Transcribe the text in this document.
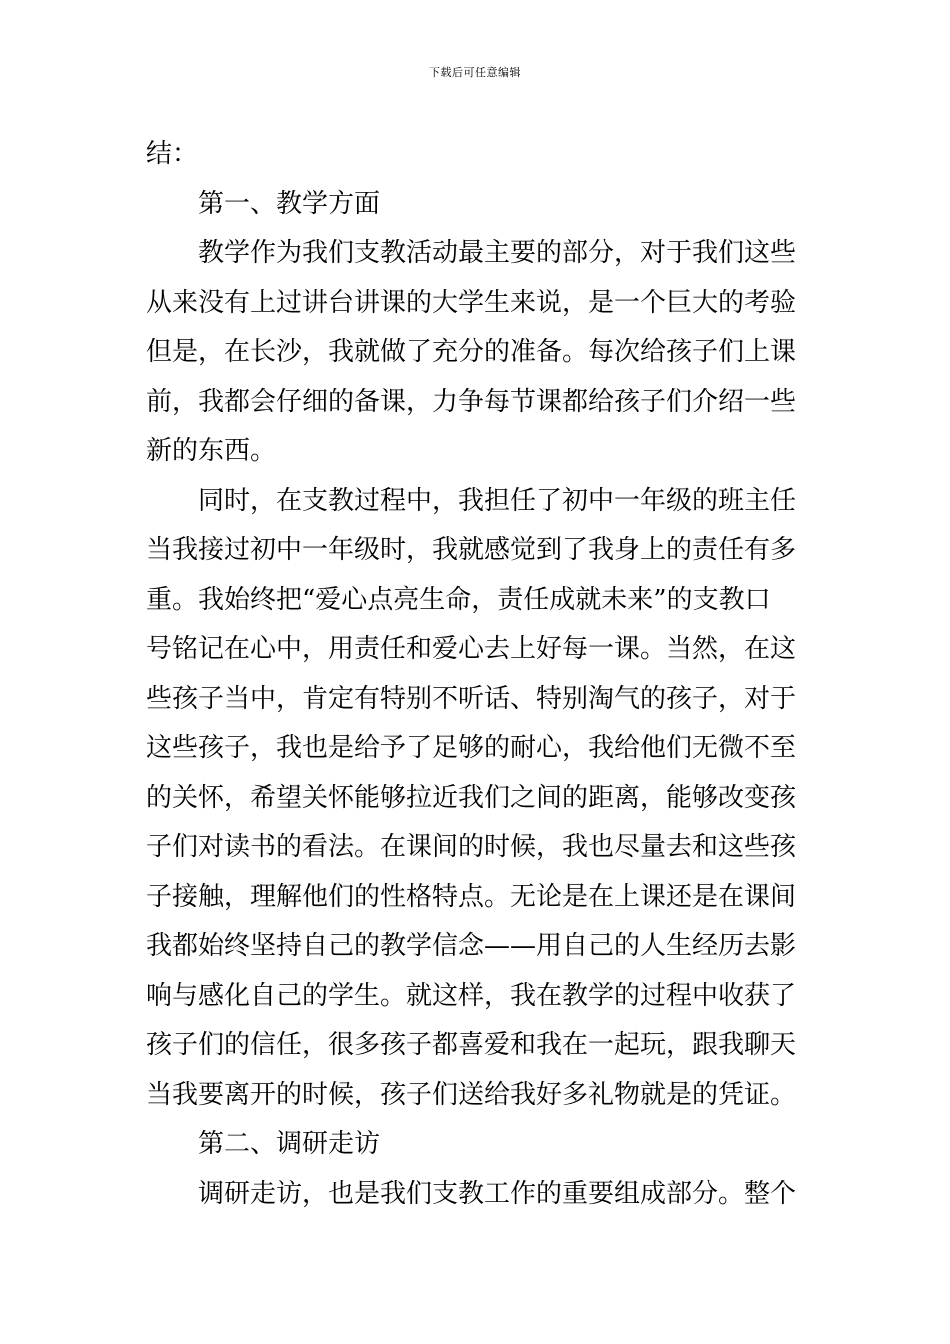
下载后可任意编辑
结：
第一、教学方面
教学作为我们支教活动最主要的部分，对于我们这些
从来没有上过讲台讲课的大学生来说，是一个巨大的考验
但是，在长沙，我就做了充分的准备。每次给孩子们上课
前，我都会仔细的备课，力争每节课都给孩子们介绍一些
新的东西。
同时，在支教过程中，我担任了初中一年级的班主任
当我接过初中一年级时，我就感觉到了我身上的责任有多
重。我始终把“爱心点亮生命，责任成就未来”的支教口
号铭记在心中，用责任和爱心去上好每一课。当然，在这
些孩子当中，肯定有特别不听话、特别淘气的孩子，对于
这些孩子，我也是给予了足够的耐心，我给他们无微不至
的关怀，希望关怀能够拉近我们之间的距离，能够改变孩
子们对读书的看法。在课间的时候，我也尽量去和这些孩
子接触，理解他们的性格特点。无论是在上课还是在课间
我都始终坚持自己的教学信念——用自己的人生经历去影
响与感化自己的学生。就这样，我在教学的过程中收获了
孩子们的信任，很多孩子都喜爱和我在一起玩，跟我聊天
当我要离开的时候，孩子们送给我好多礼物就是的凭证。
第二、调研走访
调研走访，也是我们支教工作的重要组成部分。整个
